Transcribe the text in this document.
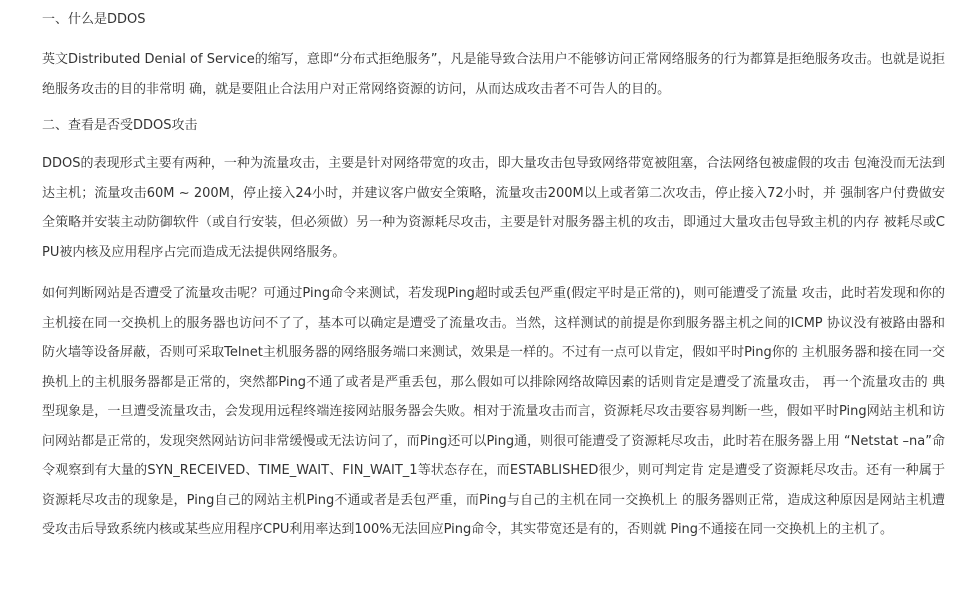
一、什么是DDOS

英文Distributed Denial of Service的缩写，意即“分布式拒绝服务”，凡是能导致合法用户不能够访问正常网络服务的行为都算是拒绝服务攻击。也就是说拒绝服务攻击的目的非常明 确，就是要阻止合法用户对正常网络资源的访问，从而达成攻击者不可告人的目的。

二、查看是否受DDOS攻击

DDOS的表现形式主要有两种，一种为流量攻击，主要是针对网络带宽的攻击，即大量攻击包导致网络带宽被阻塞，合法网络包被虚假的攻击 包淹没而无法到达主机；流量攻击60M ~ 200M，停止接入24小时，并建议客户做安全策略，流量攻击200M以上或者第二次攻击，停止接入72小时，并 强制客户付费做安全策略并安装主动防御软件（或自行安装，但必须做）另一种为资源耗尽攻击，主要是针对服务器主机的攻击，即通过大量攻击包导致主机的内存 被耗尽或CPU被内核及应用程序占完而造成无法提供网络服务。

如何判断网站是否遭受了流量攻击呢？可通过Ping命令来测试，若发现Ping超时或丢包严重(假定平时是正常的)，则可能遭受了流量 攻击，此时若发现和你的主机接在同一交换机上的服务器也访问不了了，基本可以确定是遭受了流量攻击。当然，这样测试的前提是你到服务器主机之间的ICMP 协议没有被路由器和防火墙等设备屏蔽，否则可采取Telnet主机服务器的网络服务端口来测试，效果是一样的。不过有一点可以肯定，假如平时Ping你的 主机服务器和接在同一交换机上的主机服务器都是正常的，突然都Ping不通了或者是严重丢包，那么假如可以排除网络故障因素的话则肯定是遭受了流量攻击， 再一个流量攻击的 典型现象是，一旦遭受流量攻击，会发现用远程终端连接网站服务器会失败。相对于流量攻击而言，资源耗尽攻击要容易判断一些，假如平时Ping网站主机和访 问网站都是正常的，发现突然网站访问非常缓慢或无法访问了，而Ping还可以Ping通，则很可能遭受了资源耗尽攻击，此时若在服务器上用 “Netstat –na”命令观察到有大量的SYN_RECEIVED、TIME_WAIT、FIN_WAIT_1等状态存在，而ESTABLISHED很少，则可判定肯 定是遭受了资源耗尽攻击。还有一种属于资源耗尽攻击的现象是，Ping自己的网站主机Ping不通或者是丢包严重，而Ping与自己的主机在同一交换机上 的服务器则正常，造成这种原因是网站主机遭受攻击后导致系统内核或某些应用程序CPU利用率达到100%无法回应Ping命令，其实带宽还是有的，否则就 Ping不通接在同一交换机上的主机了。
